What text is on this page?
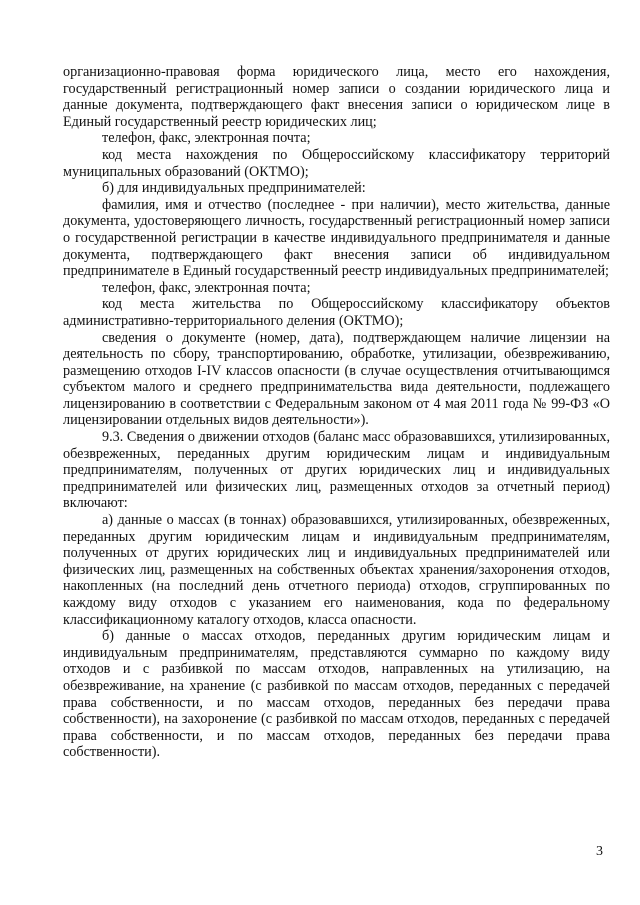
организационно-правовая форма юридического лица, место его нахождения, государственный регистрационный номер записи о создании юридического лица и данные документа, подтверждающего факт внесения записи о юридическом лице в Единый государственный реестр юридических лиц;

телефон, факс, электронная почта;

код места нахождения по Общероссийскому классификатору территорий муниципальных образований (ОКТМО);

б) для индивидуальных предпринимателей:

фамилия, имя и отчество (последнее - при наличии), место жительства, данные документа, удостоверяющего личность, государственный регистрационный номер записи о государственной регистрации в качестве индивидуального предпринимателя и данные документа, подтверждающего факт внесения записи об индивидуальном предпринимателе в Единый государственный реестр индивидуальных предпринимателей;

телефон, факс, электронная почта;

код места жительства по Общероссийскому классификатору объектов административно-территориального деления (ОКТМО);

сведения о документе (номер, дата), подтверждающем наличие лицензии на деятельность по сбору, транспортированию, обработке, утилизации, обезвреживанию, размещению отходов I-IV классов опасности (в случае осуществления отчитывающимся субъектом малого и среднего предпринимательства вида деятельности, подлежащего лицензированию в соответствии с Федеральным законом от 4 мая 2011 года № 99-ФЗ «О лицензировании отдельных видов деятельности»).

9.3. Сведения о движении отходов (баланс масс образовавшихся, утилизированных, обезвреженных, переданных другим юридическим лицам и индивидуальным предпринимателям, полученных от других юридических лиц и индивидуальных предпринимателей или физических лиц, размещенных отходов за отчетный период) включают:

а) данные о массах (в тоннах) образовавшихся, утилизированных, обезвреженных, переданных другим юридическим лицам и индивидуальным предпринимателям, полученных от других юридических лиц и индивидуальных предпринимателей или физических лиц, размещенных на собственных объектах хранения/захоронения отходов, накопленных (на последний день отчетного периода) отходов, сгруппированных по каждому виду отходов с указанием его наименования, кода по федеральному классификационному каталогу отходов, класса опасности.

б) данные о массах отходов, переданных другим юридическим лицам и индивидуальным предпринимателям, представляются суммарно по каждому виду отходов и с разбивкой по массам отходов, направленных на утилизацию, на обезвреживание, на хранение (с разбивкой по массам отходов, переданных с передачей права собственности, и по массам отходов, переданных без передачи права собственности), на захоронение (с разбивкой по массам отходов, переданных с передачей права собственности, и по массам отходов, переданных без передачи права собственности).

3
